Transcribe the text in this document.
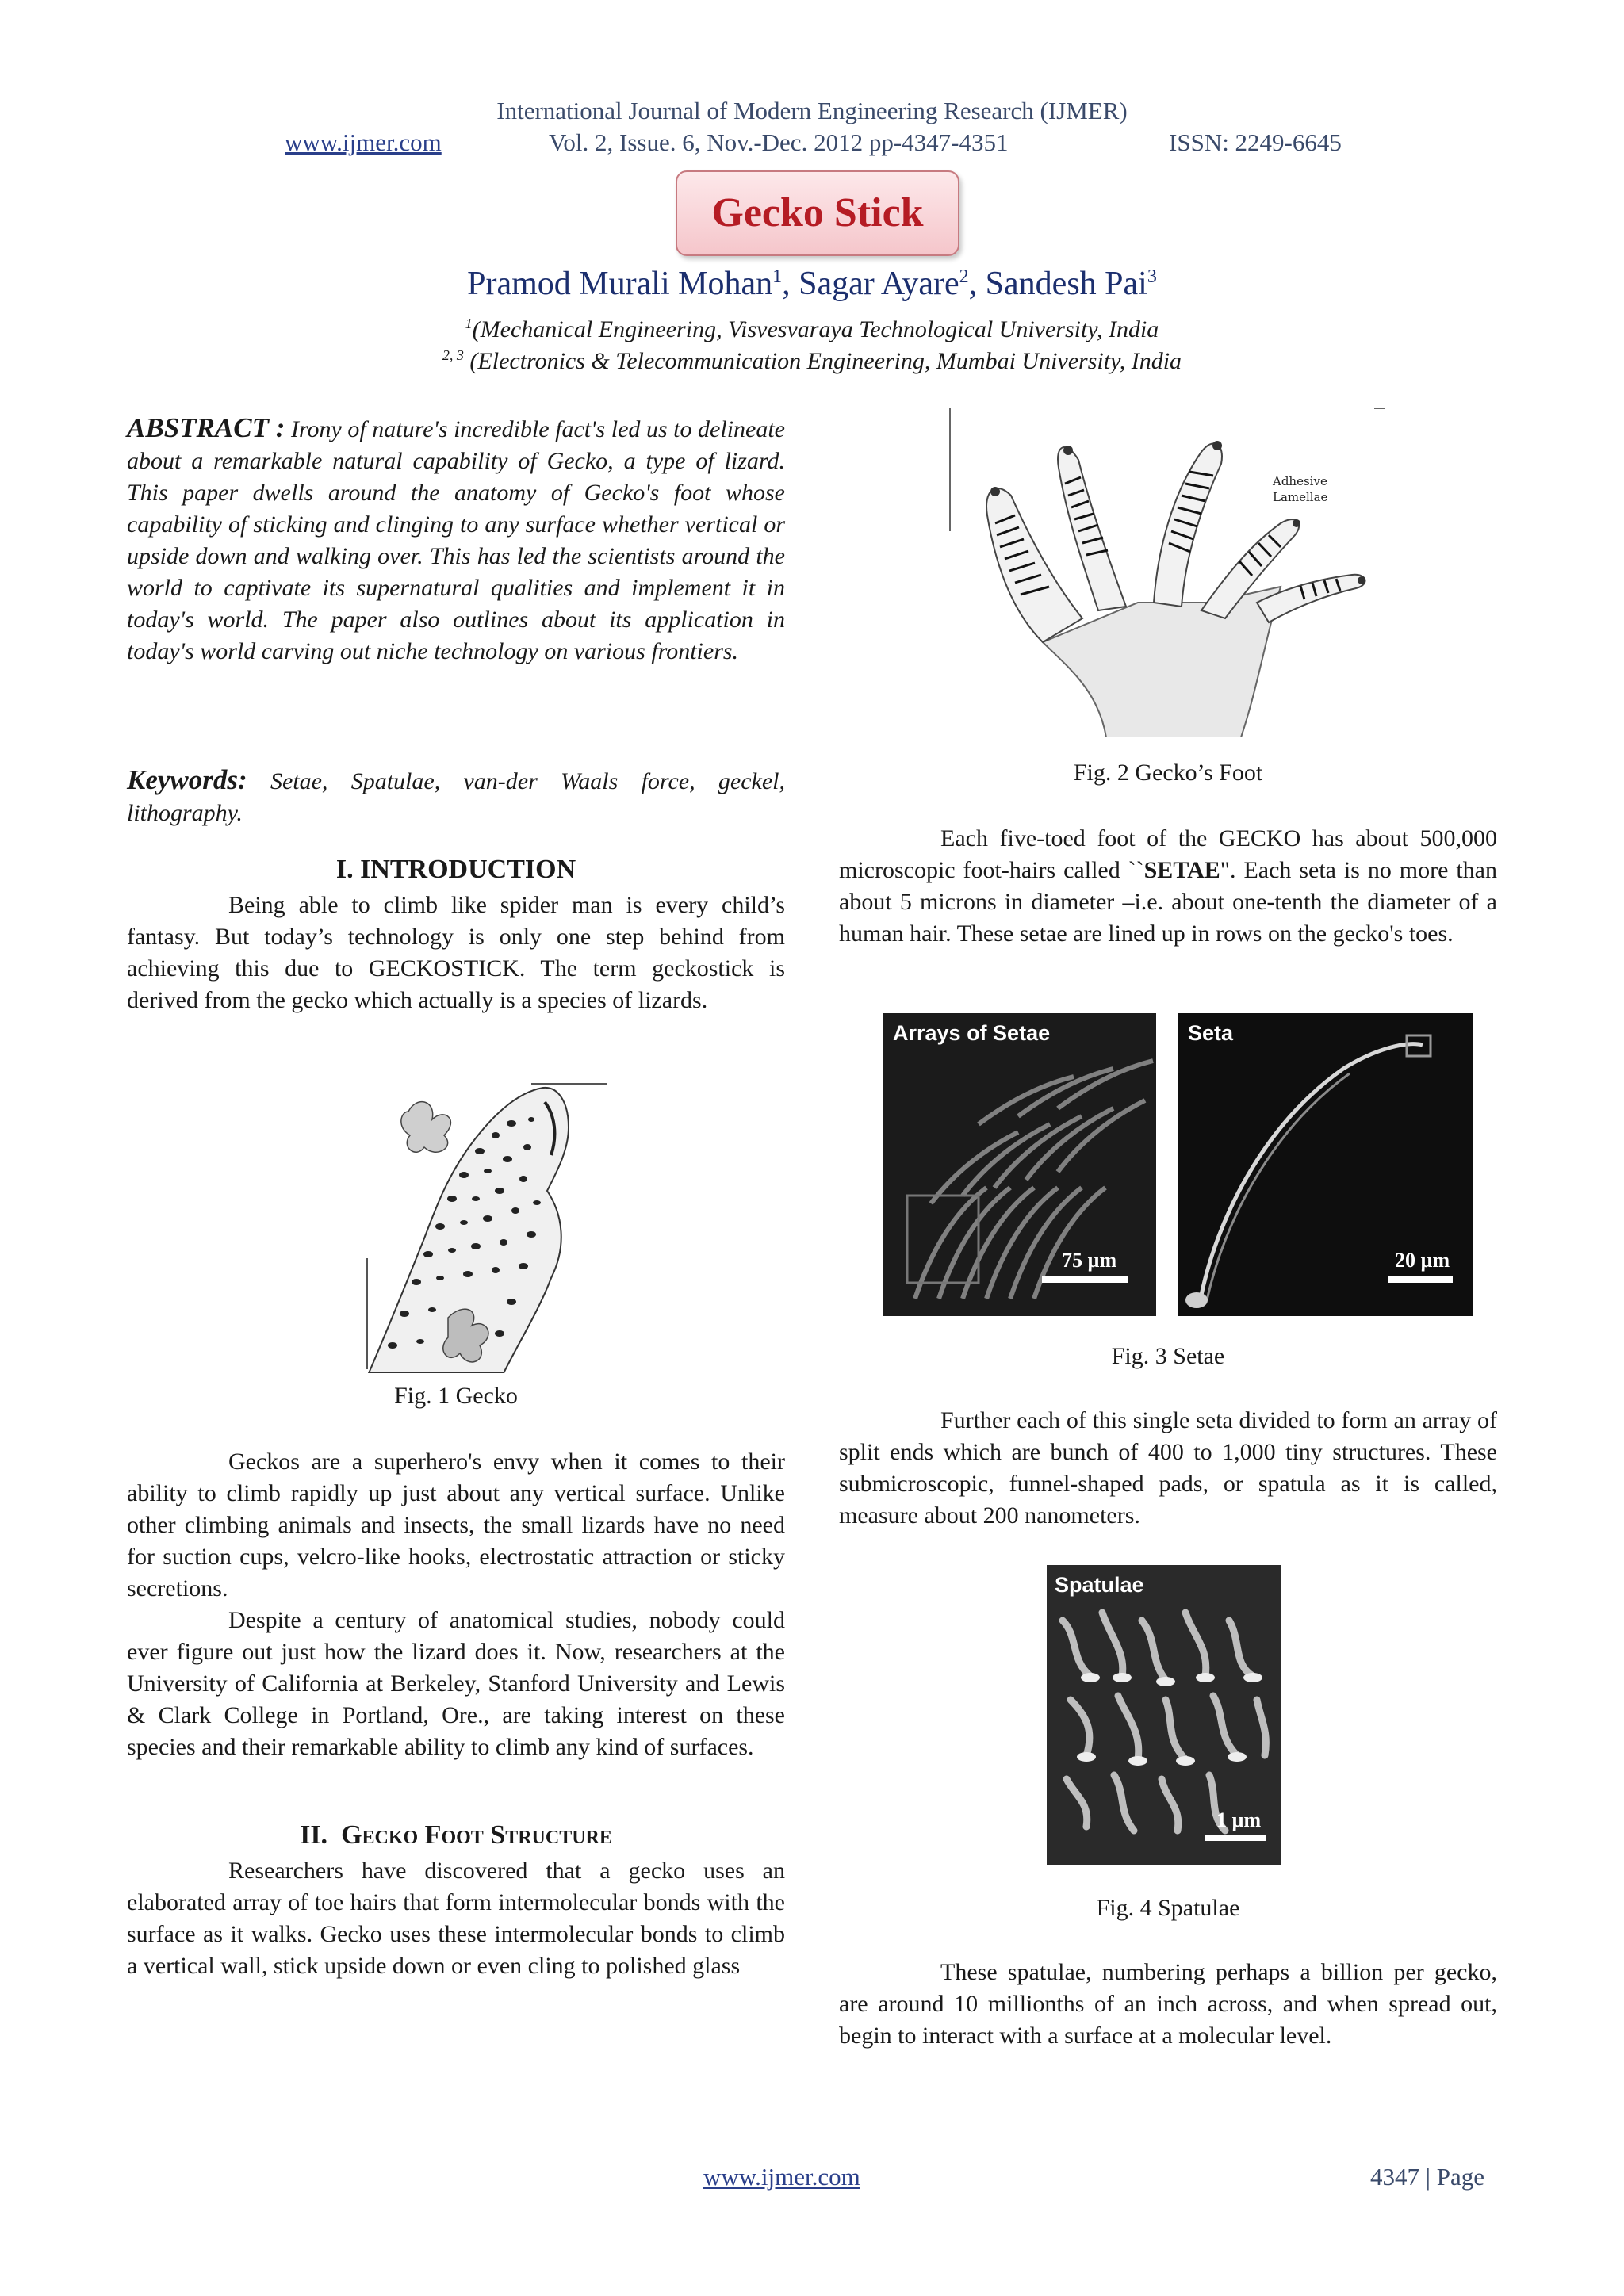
International Journal of Modern Engineering Research (IJMER)
www.ijmer.com	Vol. 2, Issue. 6, Nov.-Dec. 2012 pp-4347-4351	ISSN: 2249-6645
Gecko Stick
Pramod Murali Mohan$^1$, Sagar Ayare$^2$, Sandesh Pai$^3$
$^1$(Mechanical Engineering, Visvesvaraya Technological University, India
$^{2, 3}$ (Electronics & Telecommunication Engineering, Mumbai University, India

ABSTRACT : Irony of nature's incredible fact's led us to delineate about a remarkable natural capability of Gecko, a type of lizard. This paper dwells around the anatomy of Gecko's foot whose capability of sticking and clinging to any surface whether vertical or upside down and walking over. This has led the scientists around the world to captivate its supernatural qualities and implement it in today's world. The paper also outlines about its application in today's world carving out niche technology on various frontiers.

Keywords: Setae, Spatulae, van-der Waals force, geckel, lithography.

I. INTRODUCTION

Being able to climb like spider man is every child’s fantasy. But today’s technology is only one step behind from achieving this due to GECKOSTICK. The term geckostick is derived from the gecko which actually is a species of lizards.

Fig. 1 Gecko

Geckos are a superhero's envy when it comes to their ability to climb rapidly up just about any vertical surface. Unlike other climbing animals and insects, the small lizards have no need for suction cups, velcro-like hooks, electrostatic attraction or sticky secretions.

Despite a century of anatomical studies, nobody could ever figure out just how the lizard does it. Now, researchers at the University of California at Berkeley, Stanford University and Lewis & Clark College in Portland, Ore., are taking interest on these species and their remarkable ability to climb any kind of surfaces.

II. Gecko Foot Structure

Researchers have discovered that a gecko uses an elaborated array of toe hairs that form intermolecular bonds with the surface as it walks. Gecko uses these intermolecular bonds to climb a vertical wall, stick upside down or even cling to polished glass

Adhesive
Lamellae
Fig. 2 Gecko’s Foot

Each five-toed foot of the GECKO has about 500,000 microscopic foot-hairs called ``SETAE". Each seta is no more than about 5 microns in diameter –i.e. about one-tenth the diameter of a human hair. These setae are lined up in rows on the gecko's toes.

Arrays of Setae
75 µm
Seta
20 µm
Fig. 3 Setae

Further each of this single seta divided to form an array of split ends which are bunch of 400 to 1,000 tiny structures. These submicroscopic, funnel-shaped pads, or spatula as it is called, measure about 200 nanometers.

Spatulae
1 µm
Fig. 4 Spatulae

These spatulae, numbering perhaps a billion per gecko, are around 10 millionths of an inch across, and when spread out, begin to interact with a surface at a molecular level.

www.ijmer.com	4347 | Page
